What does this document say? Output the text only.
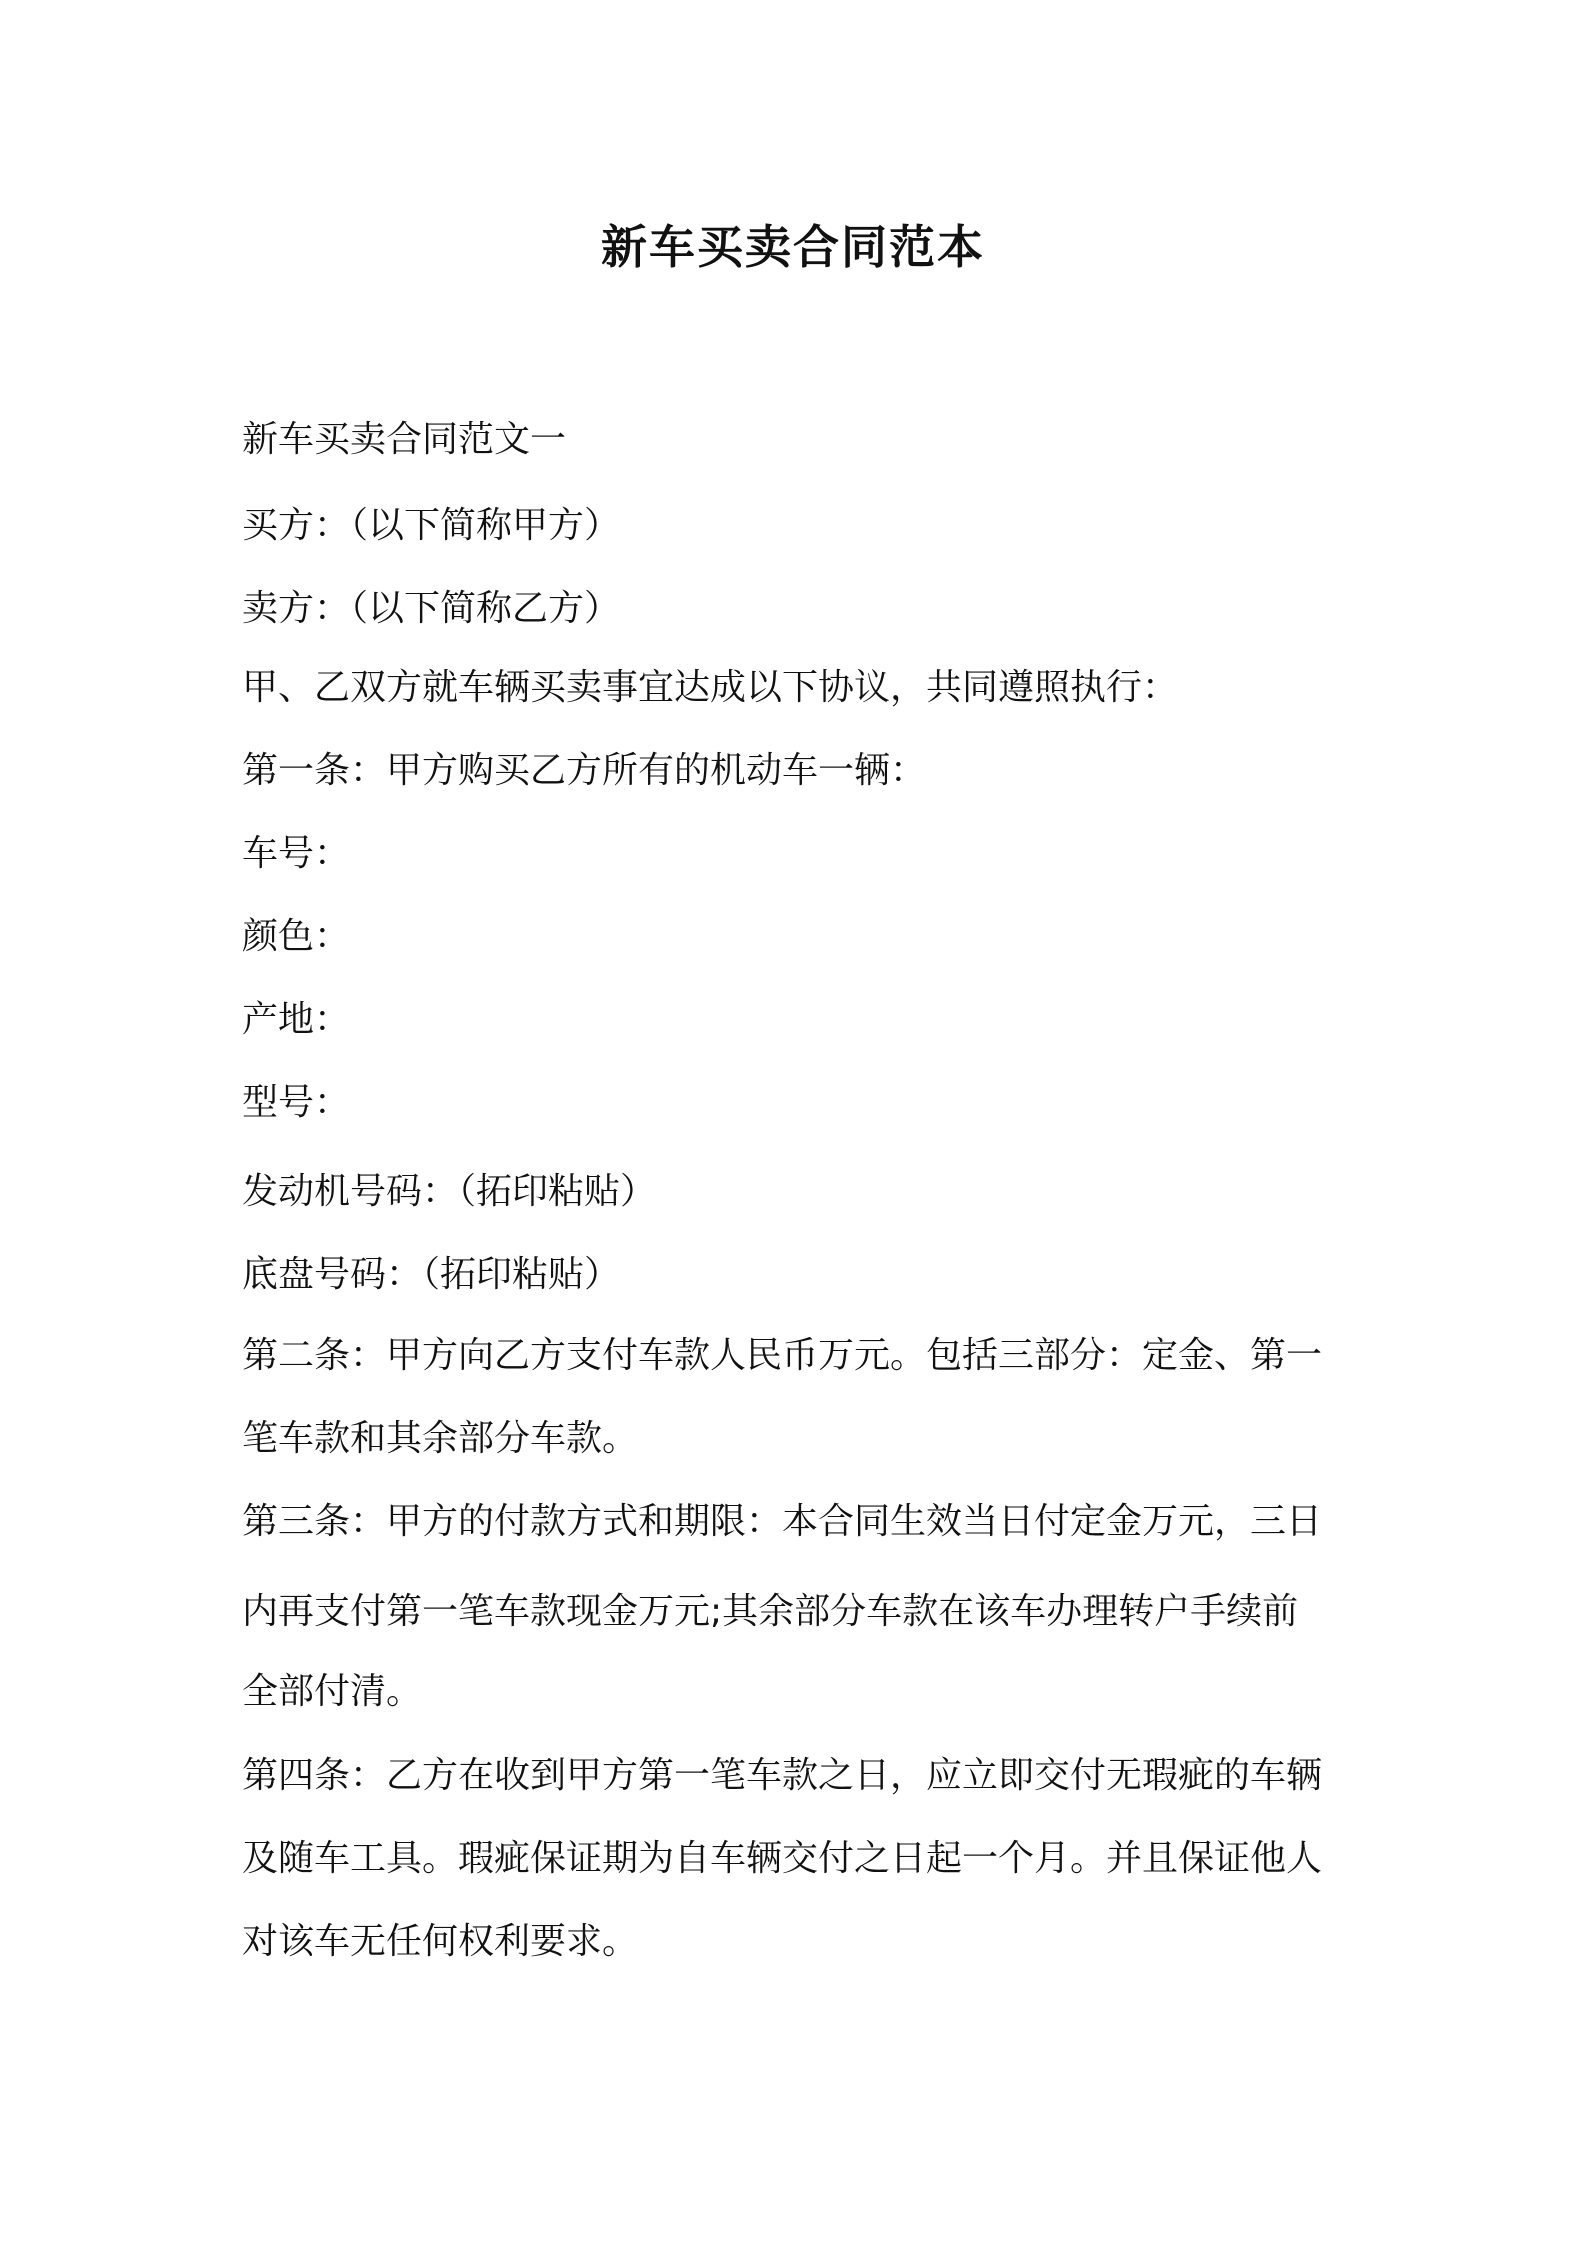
新车买卖合同范本
新车买卖合同范文一
买方：（以下简称甲方）
卖方：（以下简称乙方）
甲、乙双方就车辆买卖事宜达成以下协议，共同遵照执行：
第一条：甲方购买乙方所有的机动车一辆：
车号：
颜色：
产地：
型号：
发动机号码：（拓印粘贴）
底盘号码：（拓印粘贴）
第二条：甲方向乙方支付车款人民币万元。包括三部分：定金、第一
笔车款和其余部分车款。
第三条：甲方的付款方式和期限：本合同生效当日付定金万元，三日
内再支付第一笔车款现金万元;其余部分车款在该车办理转户手续前
全部付清。
第四条：乙方在收到甲方第一笔车款之日，应立即交付无瑕疵的车辆
及随车工具。瑕疵保证期为自车辆交付之日起一个月。并且保证他人
对该车无任何权利要求。
